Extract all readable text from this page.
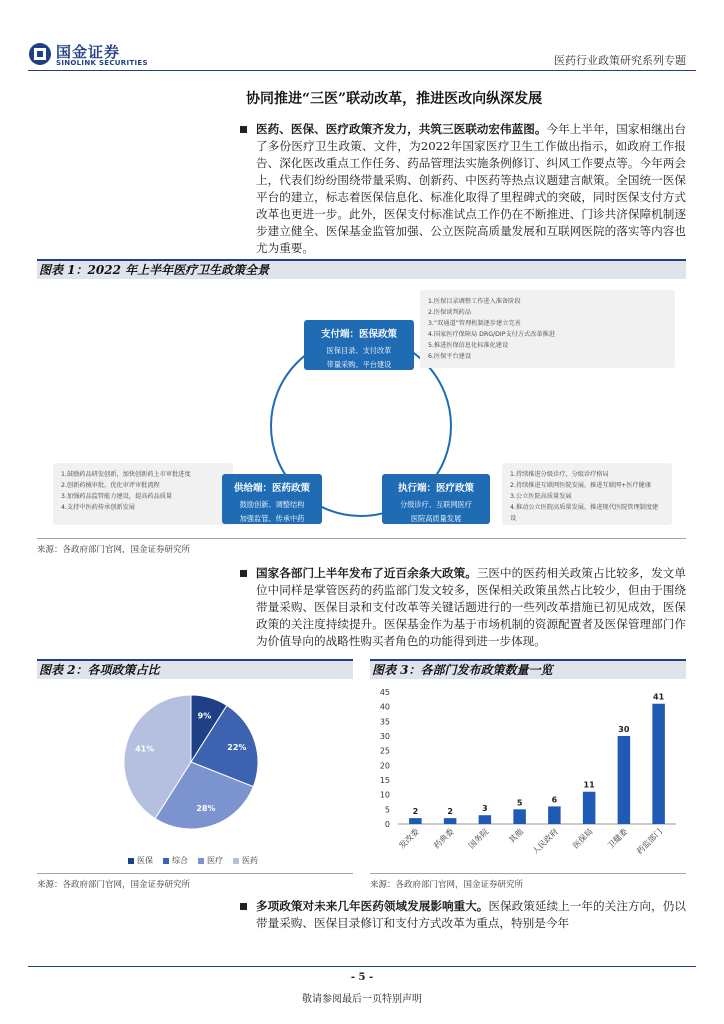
国金证券
SINOLINK SECURITIES	医药行业政策研究系列专题
协同推进“三医”联动改革，推进医改向纵深发展
医药、医保、医疗政策齐发力，共筑三医联动宏伟蓝图。今年上半年，国家相继出台了多份医疗卫生政策、文件，为2022年国家医疗卫生工作做出指示，如政府工作报告、深化医改重点工作任务、药品管理法实施条例修订、纠风工作要点等。今年两会上，代表们纷纷围绕带量采购、创新药、中医药等热点议题建言献策。全国统一医保平台的建立，标志着医保信息化、标准化取得了里程碑式的突破，同时医保支付方式改革也更进一步。此外，医保支付标准试点工作仍在不断推进、门诊共济保障机制逐步建立健全、医保基金监管加强、公立医院高质量发展和互联网医院的落实等内容也尤为重要。
图表 1：2022 年上半年医疗卫生政策全景
1.医保目录调整工作进入准备阶段
2.医保谈判药品
3.“双通道”管理机制逐步建立完善
4.国家医疗保障局 DRG/DIP支付方式改革推进
5.推进医保信息化标准化建设
6.医保平台建设
1.鼓励药品研发创新，加快创新药上市审批进度
2.创新药械审批，优化审评审批流程
3.加强药品监管能力建设，提高药品质量
4.支持中医药传承创新发展
1.持续推进分级诊疗，分级诊疗格局
2.持续推进互联网医院发展，推进互联网+医疗健康
3.公立医院高质量发展
4.推动公立医院高质量发展，推进现代医院管理制度建设
支付端：医保政策
医保目录、支付改革
带量采购、平台建设
供给端：医药政策
鼓励创新、调整结构
加强监管、传承中药
执行端：医疗政策
分级诊疗、互联网医疗
医院高质量发展
来源：各政府部门官网，国金证券研究所
国家各部门上半年发布了近百余条大政策。三医中的医药相关政策占比较多，发文单位中同样是掌管医药的药监部门发文较多，医保相关政策虽然占比较少，但由于围绕带量采购、医保目录和支付改革等关键话题进行的一些列改革措施已初见成效，医保政策的关注度持续提升。医保基金作为基于市场机制的资源配置者及医保管理部门作为价值导向的战略性购买者角色的功能得到进一步体现。
图表 2：各项政策占比
9%
22%
28%
41%
医保	综合	医疗	医药
来源：各政府部门官网，国金证券研究所
图表 3：各部门发布政策数量一览
0
5
10
15
20
25
30
35
40
45
2
发改委
2
药典委
3
国务院
5
其他
6
人民政府
11
医保局
30
卫健委
41
药监部门
来源：各政府部门官网，国金证券研究所
多项政策对未来几年医药领域发展影响重大。医保政策延续上一年的关注方向，仍以带量采购、医保目录修订和支付方式改革为重点，特别是今年
- 5 -
敬请参阅最后一页特别声明
